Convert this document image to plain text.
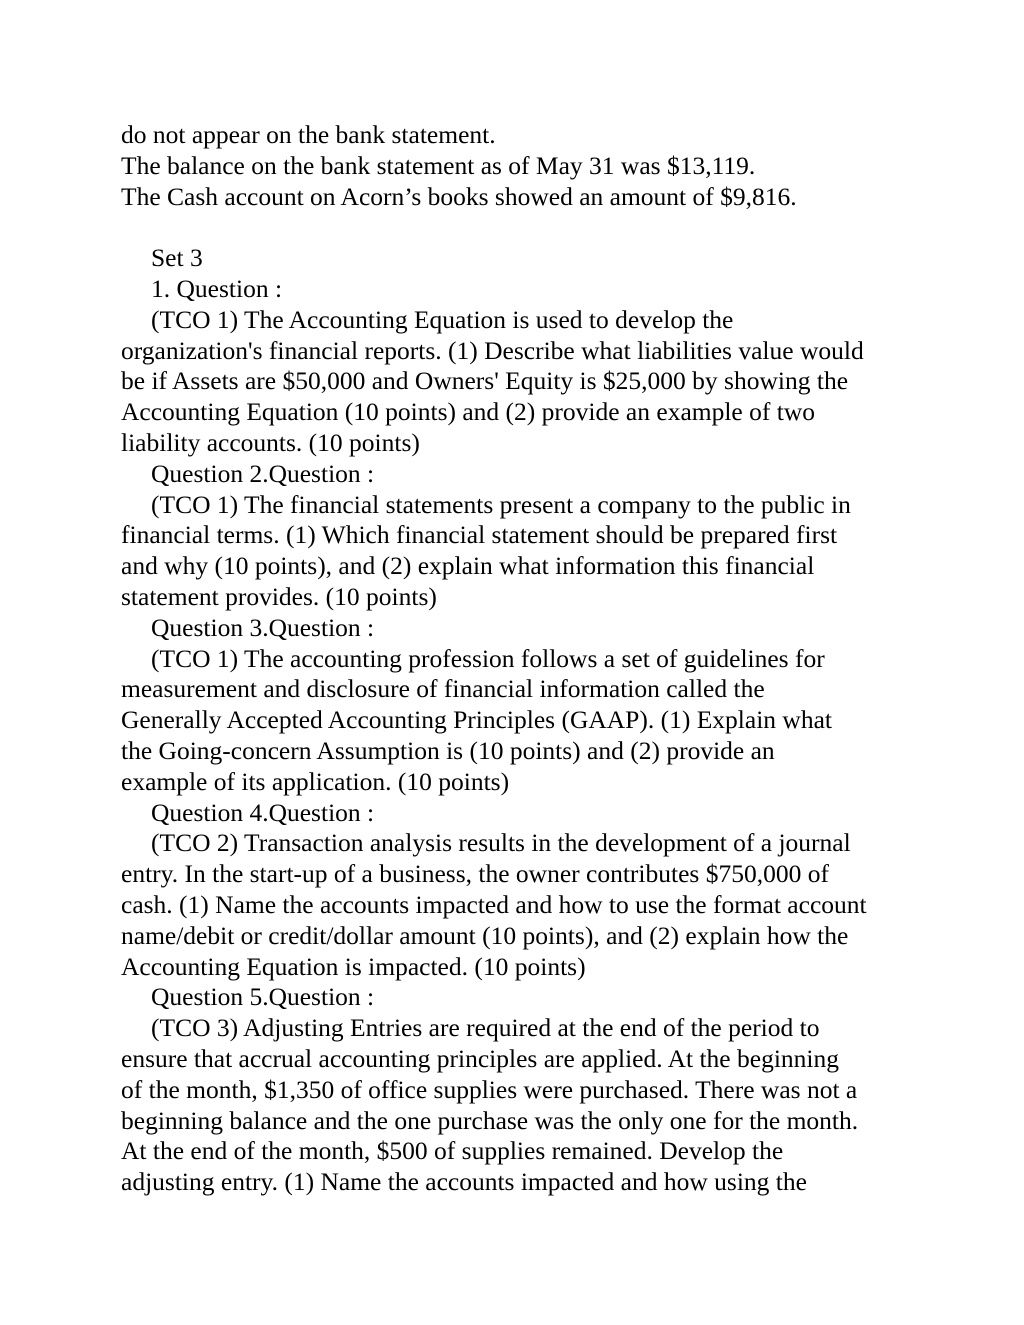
do not appear on the bank statement.
The balance on the bank statement as of May 31 was $13,119.
The Cash account on Acorn’s books showed an amount of $9,816.
Set 3
1. Question :
(TCO 1) The Accounting Equation is used to develop the
organization's financial reports. (1) Describe what liabilities value would
be if Assets are $50,000 and Owners' Equity is $25,000 by showing the
Accounting Equation (10 points) and (2) provide an example of two
liability accounts. (10 points)
Question 2.Question :
(TCO 1) The financial statements present a company to the public in
financial terms. (1) Which financial statement should be prepared first
and why (10 points), and (2) explain what information this financial
statement provides. (10 points)
Question 3.Question :
(TCO 1) The accounting profession follows a set of guidelines for
measurement and disclosure of financial information called the
Generally Accepted Accounting Principles (GAAP). (1) Explain what
the Going-concern Assumption is (10 points) and (2) provide an
example of its application. (10 points)
Question 4.Question :
(TCO 2) Transaction analysis results in the development of a journal
entry. In the start-up of a business, the owner contributes $750,000 of
cash. (1) Name the accounts impacted and how to use the format account
name/debit or credit/dollar amount (10 points), and (2) explain how the
Accounting Equation is impacted. (10 points)
Question 5.Question :
(TCO 3) Adjusting Entries are required at the end of the period to
ensure that accrual accounting principles are applied. At the beginning
of the month, $1,350 of office supplies were purchased. There was not a
beginning balance and the one purchase was the only one for the month.
At the end of the month, $500 of supplies remained. Develop the
adjusting entry. (1) Name the accounts impacted and how using the
